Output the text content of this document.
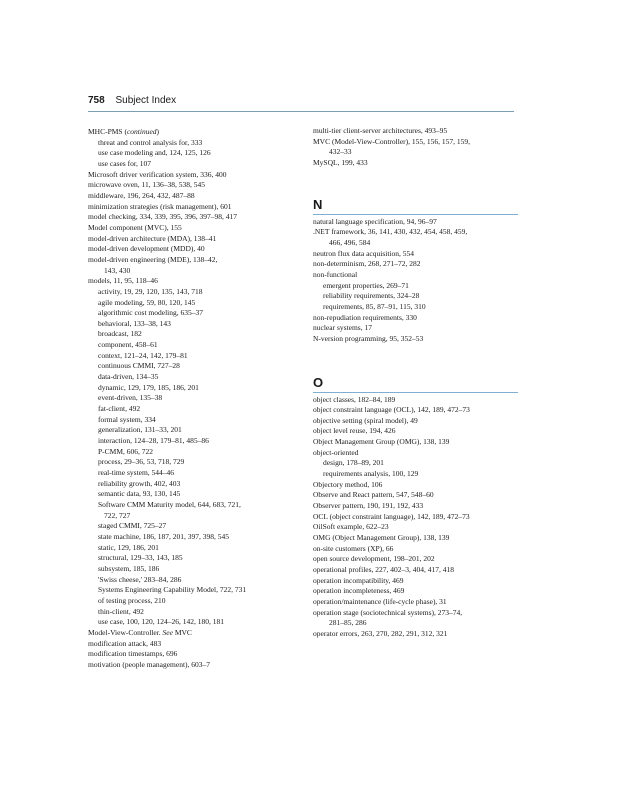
758 Subject Index
MHC-PMS (continued)
threat and control analysis for, 333
use case modeling and, 124, 125, 126
use cases for, 107
Microsoft driver verification system, 336, 400
microwave oven, 11, 136–38, 538, 545
middleware, 196, 264, 432, 487–88
minimization strategies (risk management), 601
model checking, 334, 339, 395, 396, 397–98, 417
Model component (MVC), 155
model-driven architecture (MDA), 138–41
model-driven development (MDD), 40
model-driven engineering (MDE), 138–42,
143, 430
models, 11, 95, 118–46
activity, 19, 29, 120, 135, 143, 718
agile modeling, 59, 80, 120, 145
algorithmic cost modeling, 635–37
behavioral, 133–38, 143
broadcast, 182
component, 458–61
context, 121–24, 142, 179–81
continuous CMMI, 727–28
data-driven, 134–35
dynamic, 129, 179, 185, 186, 201
event-driven, 135–38
fat-client, 492
formal system, 334
generalization, 131–33, 201
interaction, 124–28, 179–81, 485–86
P-CMM, 606, 722
process, 29–36, 53, 718, 729
real-time system, 544–46
reliability growth, 402, 403
semantic data, 93, 130, 145
Software CMM Maturity model, 644, 683, 721,
722, 727
staged CMMI, 725–27
state machine, 186, 187, 201, 397, 398, 545
static, 129, 186, 201
structural, 129–33, 143, 185
subsystem, 185, 186
'Swiss cheese,' 283–84, 286
Systems Engineering Capability Model, 722, 731
of testing process, 210
thin-client, 492
use case, 100, 120, 124–26, 142, 180, 181
Model-View-Controller. See MVC
modification attack, 483
modification timestamps, 696
motivation (people management), 603–7
multi-tier client-server architectures, 493–95
MVC (Model-View-Controller), 155, 156, 157, 159,
432–33
MySQL, 199, 433
N
natural language specification, 94, 96–97
.NET framework, 36, 141, 430, 432, 454, 458, 459,
466, 496, 584
neutron flux data acquisition, 554
non-determinism, 268, 271–72, 282
non-functional
emergent properties, 269–71
reliability requirements, 324–28
requirements, 85, 87–91, 115, 310
non-repudiation requirements, 330
nuclear systems, 17
N-version programming, 95, 352–53
O
object classes, 182–84, 189
object constraint language (OCL), 142, 189, 472–73
objective setting (spiral model), 49
object level reuse, 194, 426
Object Management Group (OMG), 138, 139
object-oriented
design, 178–89, 201
requirements analysis, 100, 129
Objectory method, 106
Observe and React pattern, 547, 548–60
Observer pattern, 190, 191, 192, 433
OCL (object constraint language), 142, 189, 472–73
OilSoft example, 622–23
OMG (Object Management Group), 138, 139
on-site customers (XP), 66
open source development, 198–201, 202
operational profiles, 227, 402–3, 404, 417, 418
operation incompatibility, 469
operation incompleteness, 469
operation/maintenance (life-cycle phase), 31
operation stage (sociotechnical systems), 273–74,
281–85, 286
operator errors, 263, 270, 282, 291, 312, 321
